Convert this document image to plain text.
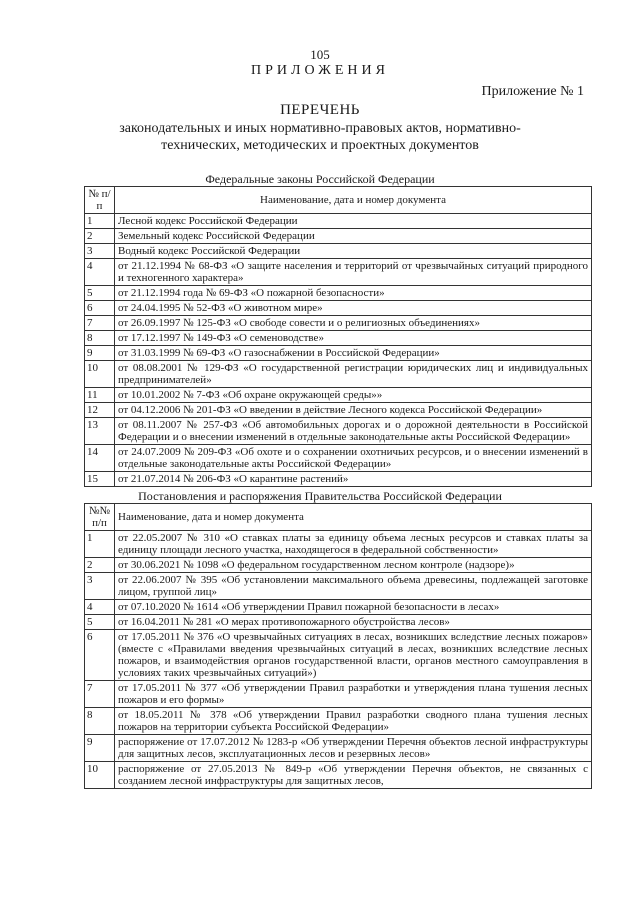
105
ПРИЛОЖЕНИЯ
Приложение № 1
ПЕРЕЧЕНЬ
законодательных и иных нормативно-правовых актов, нормативно-технических, методических и проектных документов
Федеральные законы Российской Федерации
№ п/п	Наименование, дата и номер документа
1	Лесной кодекс Российской Федерации
2	Земельный кодекс Российской Федерации
3	Водный кодекс Российской Федерации
4	от 21.12.1994 № 68-ФЗ «О защите населения и территорий от чрезвычайных ситуаций природного и техногенного характера»
5	от 21.12.1994 года № 69-ФЗ «О пожарной безопасности»
6	от 24.04.1995 № 52-ФЗ «О животном мире»
7	от 26.09.1997 № 125-ФЗ «О свободе совести и о религиозных объединениях»
8	от 17.12.1997 № 149-ФЗ «О семеноводстве»
9	от 31.03.1999 № 69-ФЗ «О газоснабжении в Российской Федерации»
10	от 08.08.2001 № 129-ФЗ «О государственной регистрации юридических лиц и индивидуальных предпринимателей»
11	от 10.01.2002 № 7-ФЗ «Об охране окружающей среды»»
12	от 04.12.2006 № 201-ФЗ «О введении в действие Лесного кодекса Российской Федерации»
13	от 08.11.2007 № 257-ФЗ «Об автомобильных дорогах и о дорожной деятельности в Российской Федерации и о внесении изменений в отдельные законодательные акты Российской Федерации»
14	от 24.07.2009 № 209-ФЗ «Об охоте и о сохранении охотничьих ресурсов, и о внесении изменений в отдельные законодательные акты Российской Федерации»
15	от 21.07.2014 № 206-ФЗ «О карантине растений»
Постановления и распоряжения Правительства Российской Федерации
№№ п/п	Наименование, дата и номер документа
1	от 22.05.2007 № 310 «О ставках платы за единицу объема лесных ресурсов и ставках платы за единицу площади лесного участка, находящегося в федеральной собственности»
2	от 30.06.2021 № 1098 «О федеральном государственном лесном контроле (надзоре)»
3	от 22.06.2007 № 395 «Об установлении максимального объема древесины, подлежащей заготовке лицом, группой лиц»
4	от 07.10.2020 № 1614 «Об утверждении Правил пожарной безопасности в лесах»
5	от 16.04.2011 № 281 «О мерах противопожарного обустройства лесов»
6	от 17.05.2011 № 376 «О чрезвычайных ситуациях в лесах, возникших вследствие лесных пожаров» (вместе с «Правилами введения чрезвычайных ситуаций в лесах, возникших вследствие лесных пожаров, и взаимодействия органов государственной власти, органов местного самоуправления в условиях таких чрезвычайных ситуаций»)
7	от 17.05.2011 № 377 «Об утверждении Правил разработки и утверждения плана тушения лесных пожаров и его формы»
8	от 18.05.2011 № 378 «Об утверждении Правил разработки сводного плана тушения лесных пожаров на территории субъекта Российской Федерации»
9	распоряжение от 17.07.2012 № 1283-р «Об утверждении Перечня объектов лесной инфраструктуры для защитных лесов, эксплуатационных лесов и резервных лесов»
10	распоряжение от 27.05.2013 № 849-р «Об утверждении Перечня объектов, не связанных с созданием лесной инфраструктуры для защитных лесов,
